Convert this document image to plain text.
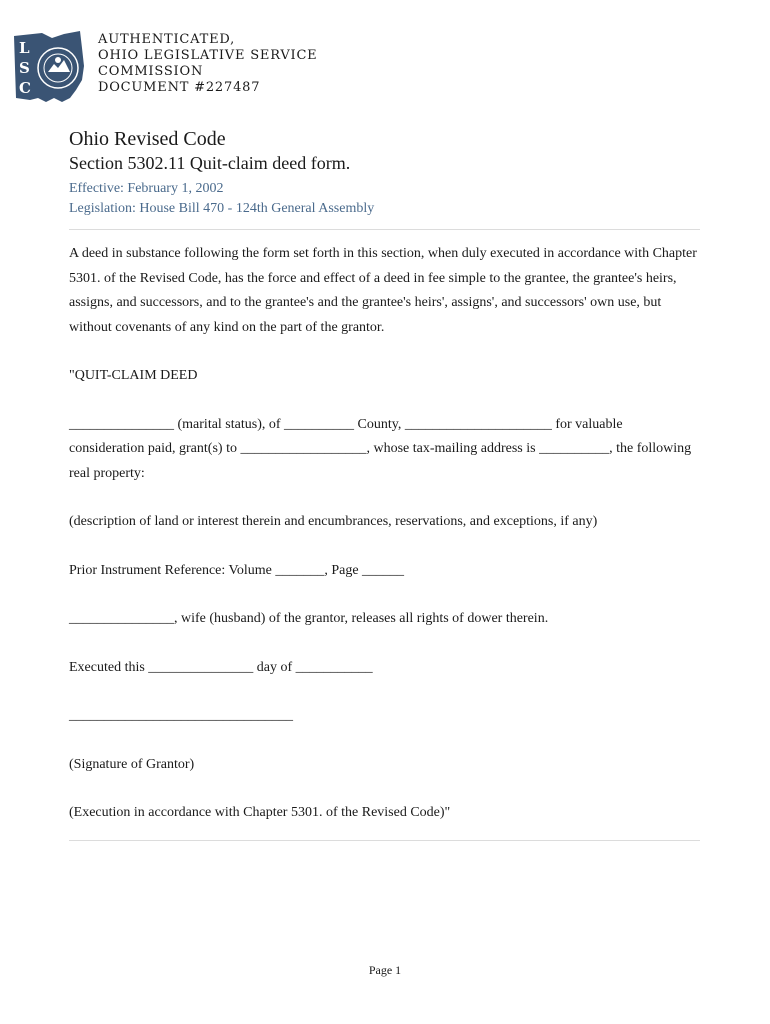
L
S
C
AUTHENTICATED,
OHIO LEGISLATIVE SERVICE
COMMISSION
DOCUMENT #227487
Ohio Revised Code
Section 5302.11 Quit-claim deed form.
Effective: February 1, 2002
Legislation: House Bill 470 - 124th General Assembly

A deed in substance following the form set forth in this section, when duly executed in accordance with Chapter 5301. of the Revised Code, has the force and effect of a deed in fee simple to the grantee, the grantee's heirs, assigns, and successors, and to the grantee's and the grantee's heirs', assigns', and successors' own use, but without covenants of any kind on the part of the grantor.

"QUIT-CLAIM DEED

_______________ (marital status), of __________ County, _____________________ for valuable consideration paid, grant(s) to __________________, whose tax-mailing address is __________, the following real property:

(description of land or interest therein and encumbrances, reservations, and exceptions, if any)

Prior Instrument Reference: Volume _______, Page ______

_______________, wife (husband) of the grantor, releases all rights of dower therein.

Executed this _______________ day of ___________

________________________________

(Signature of Grantor)

(Execution in accordance with Chapter 5301. of the Revised Code)"

Page 1
